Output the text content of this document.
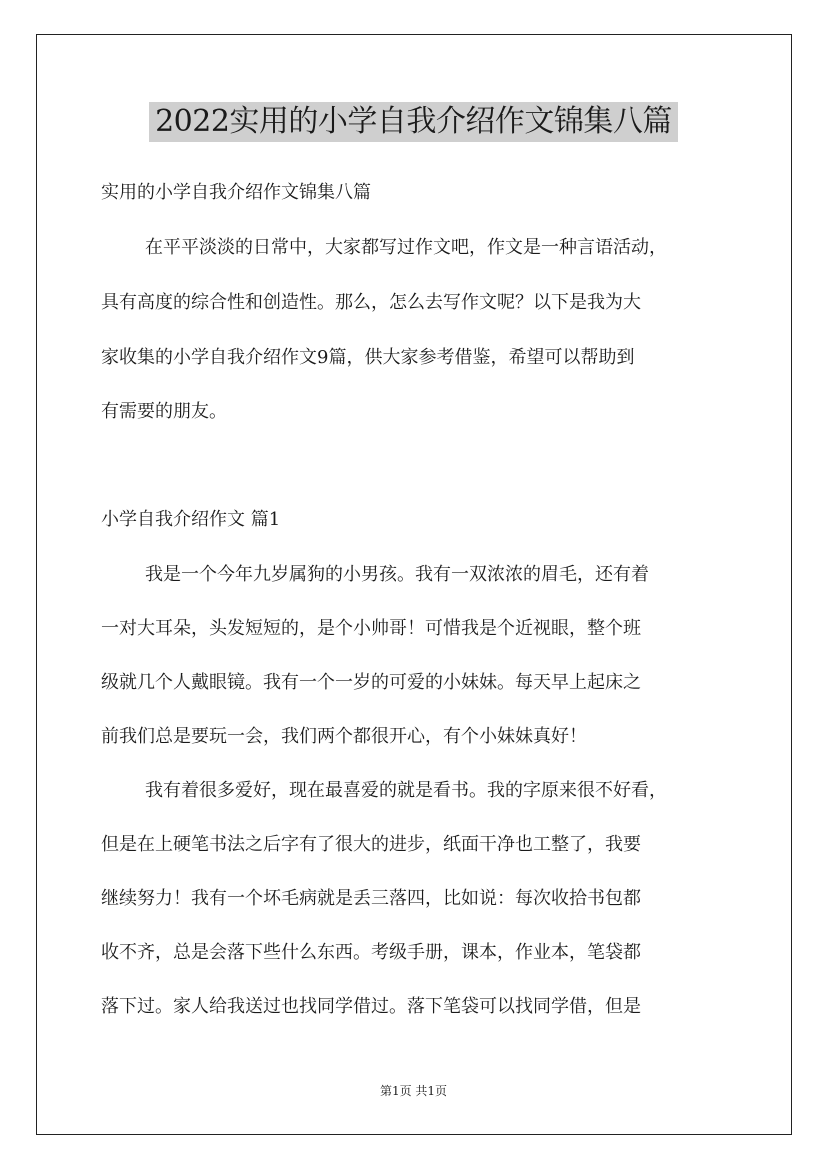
2022实用的小学自我介绍作文锦集八篇
实用的小学自我介绍作文锦集八篇
在平平淡淡的日常中，大家都写过作文吧，作文是一种言语活动，
具有高度的综合性和创造性。那么，怎么去写作文呢？以下是我为大
家收集的小学自我介绍作文9篇，供大家参考借鉴，希望可以帮助到
有需要的朋友。
小学自我介绍作文 篇1
我是一个今年九岁属狗的小男孩。我有一双浓浓的眉毛，还有着
一对大耳朵，头发短短的，是个小帅哥！可惜我是个近视眼，整个班
级就几个人戴眼镜。我有一个一岁的可爱的小妹妹。每天早上起床之
前我们总是要玩一会，我们两个都很开心，有个小妹妹真好！
我有着很多爱好，现在最喜爱的就是看书。我的字原来很不好看，
但是在上硬笔书法之后字有了很大的进步，纸面干净也工整了，我要
继续努力！我有一个坏毛病就是丢三落四，比如说：每次收拾书包都
收不齐，总是会落下些什么东西。考级手册，课本，作业本，笔袋都
落下过。家人给我送过也找同学借过。落下笔袋可以找同学借，但是
第1页 共1页
